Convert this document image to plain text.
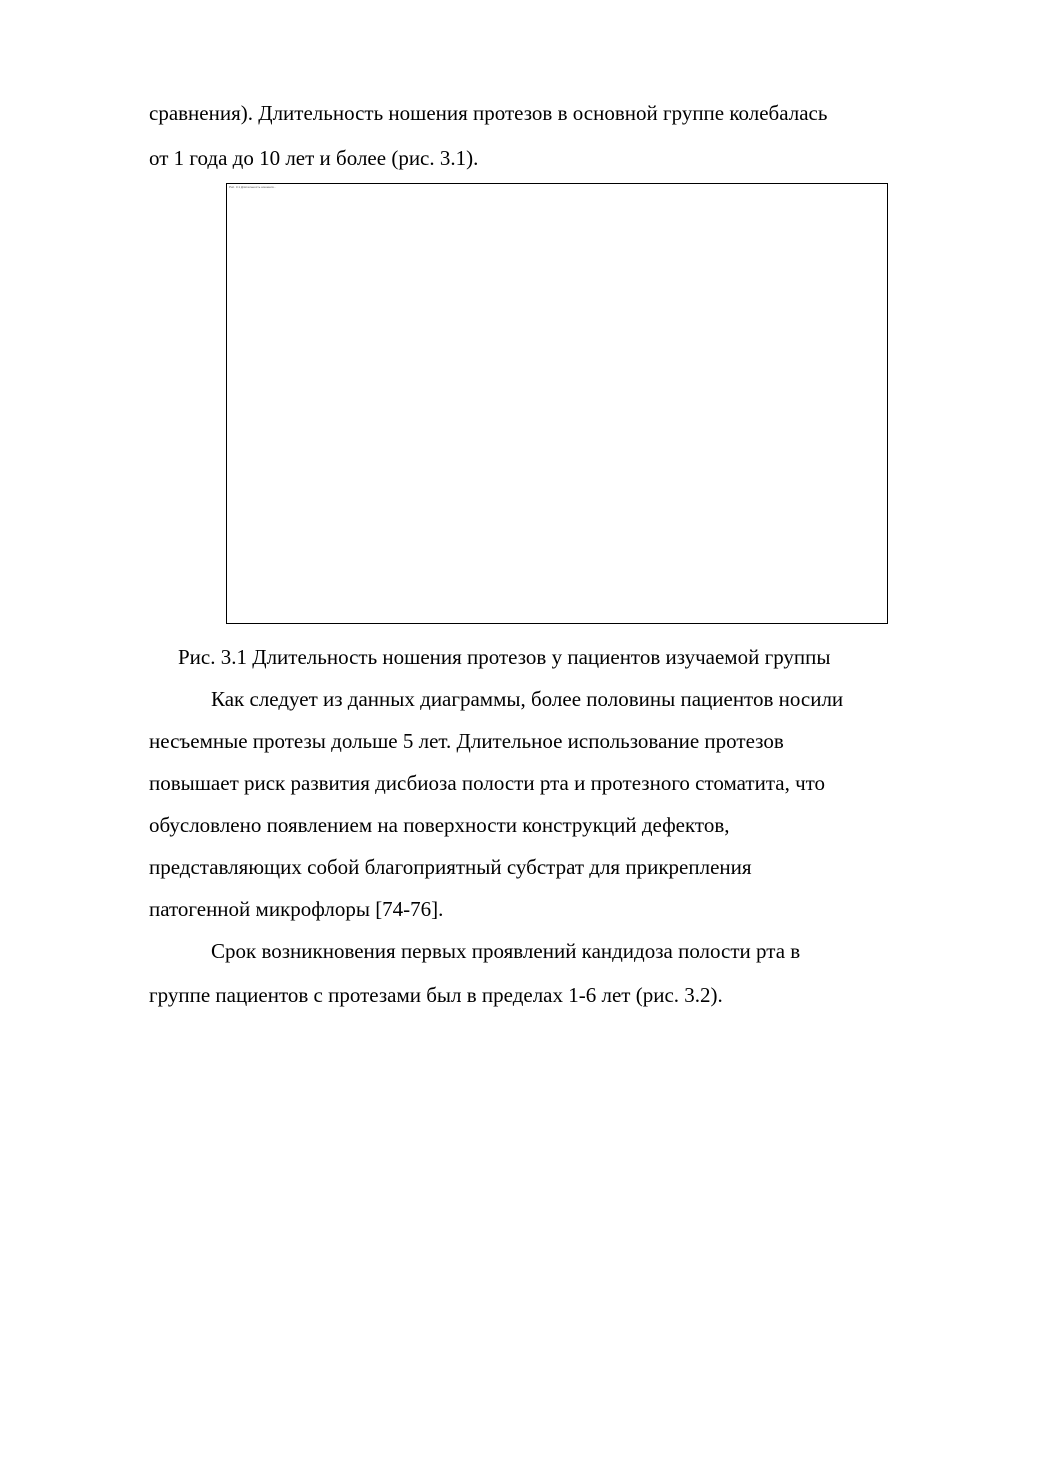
сравнения). Длительность ношения протезов в основной группе колебалась
от 1 года до 10 лет и более (рис. 3.1).
Рис. 3.1 Длительность ношения...
Рис. 3.1 Длительность ношения протезов у пациентов изучаемой группы
Как следует из данных диаграммы, более половины пациентов носили
несъемные протезы дольше 5 лет. Длительное использование протезов
повышает риск развития дисбиоза полости рта и протезного стоматита, что
обусловлено появлением на поверхности конструкций дефектов,
представляющих собой благоприятный субстрат для прикрепления
патогенной микрофлоры [74-76].
Срок возникновения первых проявлений кандидоза полости рта в
группе пациентов с протезами был в пределах 1-6 лет (рис. 3.2).
